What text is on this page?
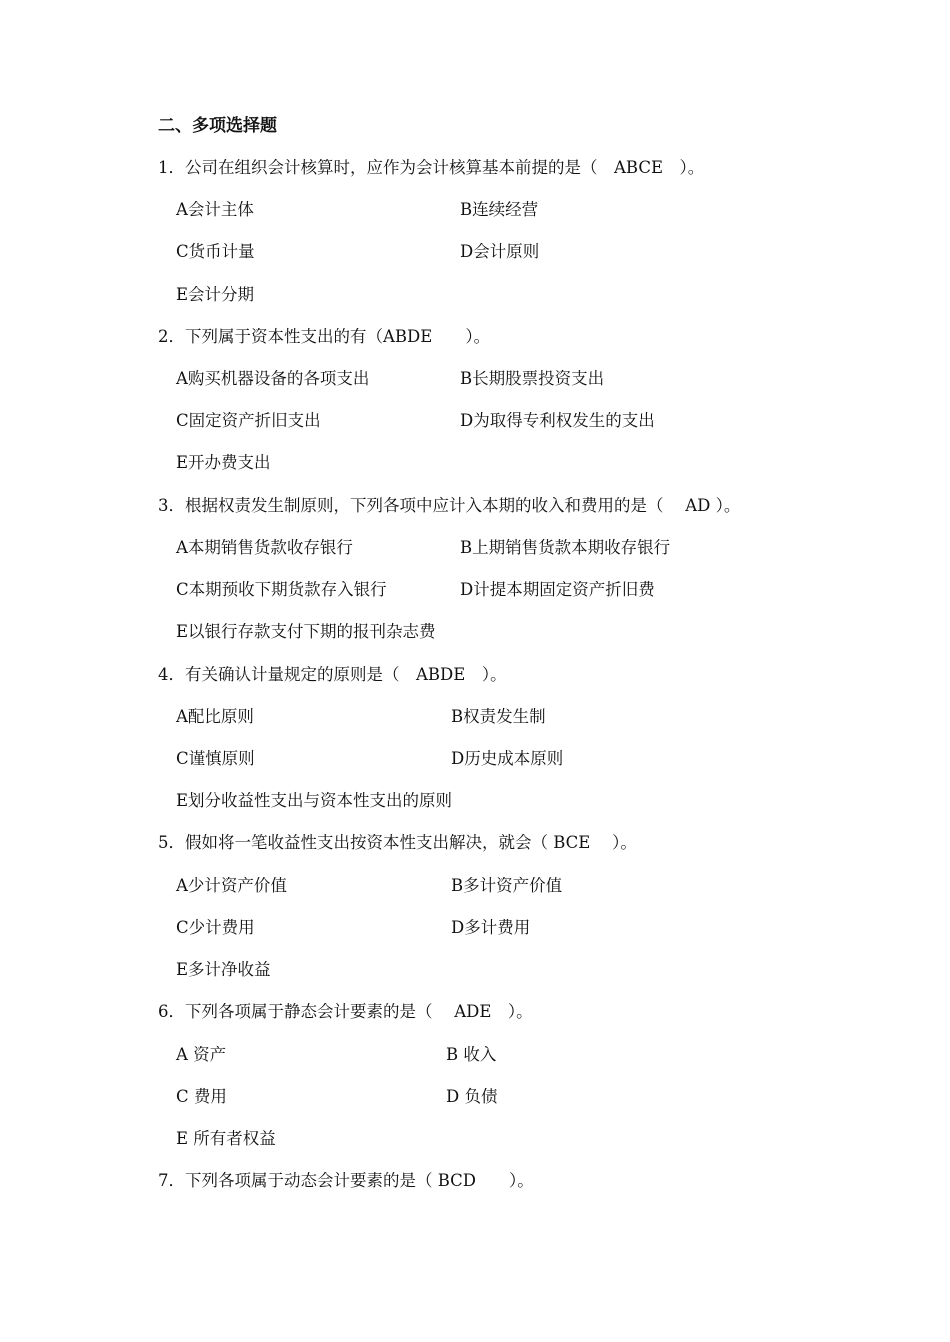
二、多项选择题
1．公司在组织会计核算时，应作为会计核算基本前提的是（　ABCE　）。
A会计主体	B连续经营
C货币计量	D会计原则
E会计分期
2．下列属于资本性支出的有（ABDE　　）。
A购买机器设备的各项支出	B长期股票投资支出
C固定资产折旧支出	D为取得专利权发生的支出
E开办费支出
3．根据权责发生制原则，下列各项中应计入本期的收入和费用的是（　 AD ）。
A本期销售货款收存银行	B上期销售货款本期收存银行
C本期预收下期货款存入银行	D计提本期固定资产折旧费
E以银行存款支付下期的报刊杂志费
4．有关确认计量规定的原则是（　ABDE　）。
A配比原则	B权责发生制
C谨慎原则	D历史成本原则
E划分收益性支出与资本性支出的原则
5．假如将一笔收益性支出按资本性支出解决，就会（ BCE　 ）。
A少计资产价值	B多计资产价值
C少计费用	D多计费用
E多计净收益
6．下列各项属于静态会计要素的是（　 ADE　）。
A 资产	B 收入
C 费用	D 负债
E 所有者权益
7．下列各项属于动态会计要素的是（ BCD　　）。
